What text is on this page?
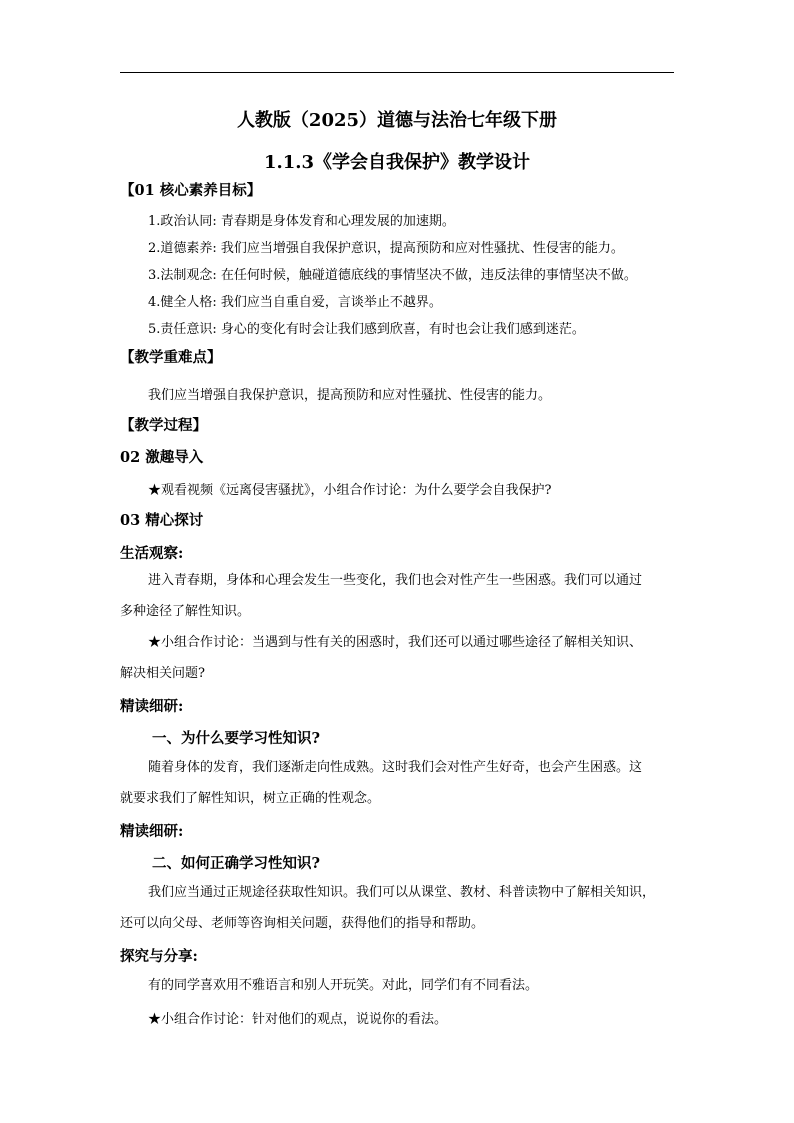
人教版（2025）道德与法治七年级下册
1.1.3《学会自我保护》教学设计
【01 核心素养目标】
1.政治认同: 青春期是身体发育和心理发展的加速期。
2.道德素养: 我们应当增强自我保护意识，提高预防和应对性骚扰、性侵害的能力。
3.法制观念: 在任何时候，触碰道德底线的事情坚决不做，违反法律的事情坚决不做。
4.健全人格: 我们应当自重自爱，言谈举止不越界。
5.责任意识: 身心的变化有时会让我们感到欣喜，有时也会让我们感到迷茫。
【教学重难点】
我们应当增强自我保护意识，提高预防和应对性骚扰、性侵害的能力。
【教学过程】
02 激趣导入
★观看视频《远离侵害骚扰》，小组合作讨论：为什么要学会自我保护?
03 精心探讨
生活观察:
进入青春期，身体和心理会发生一些变化，我们也会对性产生一些困惑。我们可以通过
多种途径了解性知识。
★小组合作讨论：当遇到与性有关的困惑时，我们还可以通过哪些途径了解相关知识、
解决相关问题?
精读细研:
一、为什么要学习性知识?
随着身体的发育，我们逐渐走向性成熟。这时我们会对性产生好奇，也会产生困惑。这
就要求我们了解性知识，树立正确的性观念。
精读细研:
二、如何正确学习性知识?
我们应当通过正规途径获取性知识。我们可以从课堂、教材、科普读物中了解相关知识，
还可以向父母、老师等咨询相关问题，获得他们的指导和帮助。
探究与分享:
有的同学喜欢用不雅语言和别人开玩笑。对此，同学们有不同看法。
★小组合作讨论：针对他们的观点，说说你的看法。
